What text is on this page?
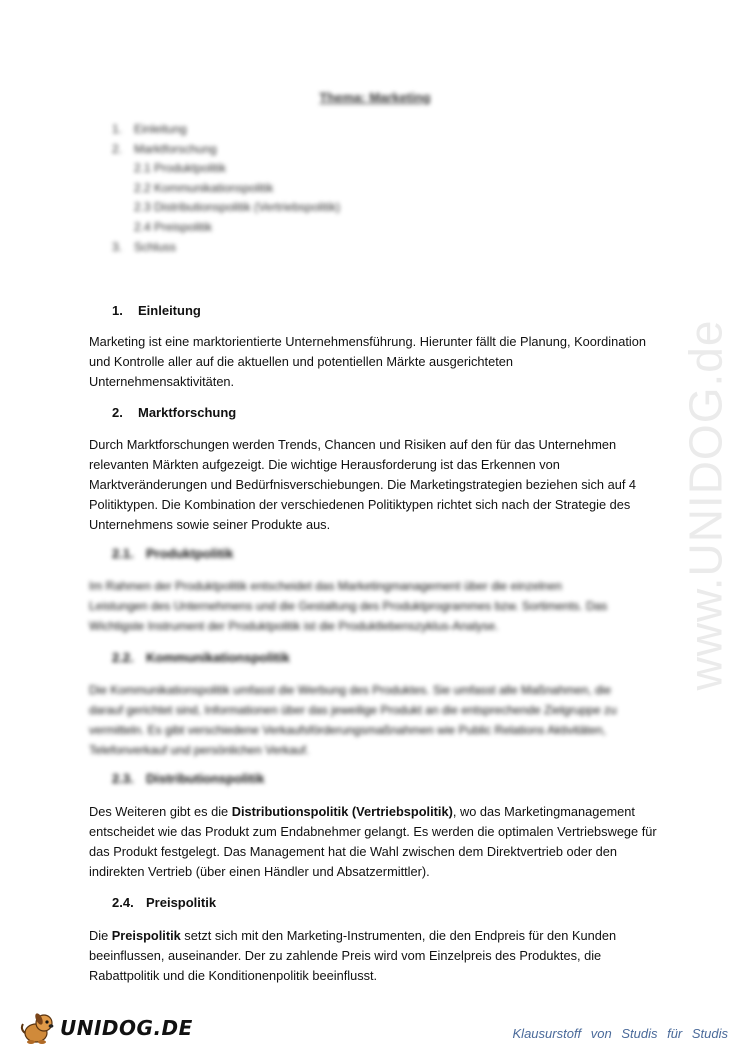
www.UNIDOG.de
Thema: Marketing
1. Einleitung
2. Marktforschung
2.1 Produktpolitik
2.2 Kommunikationspolitik
2.3 Distributionspolitik (Vertriebspolitik)
2.4 Preispolitik
3. Schluss
1. Einleitung
Marketing ist eine marktorientierte Unternehmensführung. Hierunter fällt die Planung, Koordination
und Kontrolle aller auf die aktuellen und potentiellen Märkte ausgerichteten
Unternehmensaktivitäten.
2. Marktforschung
Durch Marktforschungen werden Trends, Chancen und Risiken auf den für das Unternehmen
relevanten Märkten aufgezeigt. Die wichtige Herausforderung ist das Erkennen von
Marktveränderungen und Bedürfnisverschiebungen. Die Marketingstrategien beziehen sich auf 4
Politiktypen. Die Kombination der verschiedenen Politiktypen richtet sich nach der Strategie des
Unternehmens sowie seiner Produkte aus.
2.1. Produktpolitik
Im Rahmen der Produktpolitik entscheidet das Marketingmanagement über die einzelnen
Leistungen des Unternehmens und die Gestaltung des Produktprogrammes bzw. Sortiments. Das
Wichtigste Instrument der Produktpolitik ist die Produktlebenszyklus-Analyse.
2.2. Kommunikationspolitik
Die Kommunikationspolitik umfasst die Werbung des Produktes. Sie umfasst alle Maßnahmen, die
darauf gerichtet sind, Informationen über das jeweilige Produkt an die entsprechende Zielgruppe zu
vermitteln. Es gibt verschiedene Verkaufsförderungsmaßnahmen wie Public Relations Aktivitäten,
Telefonverkauf und persönlichen Verkauf.
2.3. Distributionspolitik
Des Weiteren gibt es die Distributionspolitik (Vertriebspolitik), wo das Marketingmanagement
entscheidet wie das Produkt zum Endabnehmer gelangt. Es werden die optimalen Vertriebswege für
das Produkt festgelegt. Das Management hat die Wahl zwischen dem Direktvertrieb oder den
indirekten Vertrieb (über einen Händler und Absatzermittler).
2.4. Preispolitik
Die Preispolitik setzt sich mit den Marketing-Instrumenten, die den Endpreis für den Kunden
beeinflussen, auseinander. Der zu zahlende Preis wird vom Einzelpreis des Produktes, die
Rabattpolitik und die Konditionenpolitik beeinflusst.
UNIDOG.DE	Klausurstoff von Studis für Studis
